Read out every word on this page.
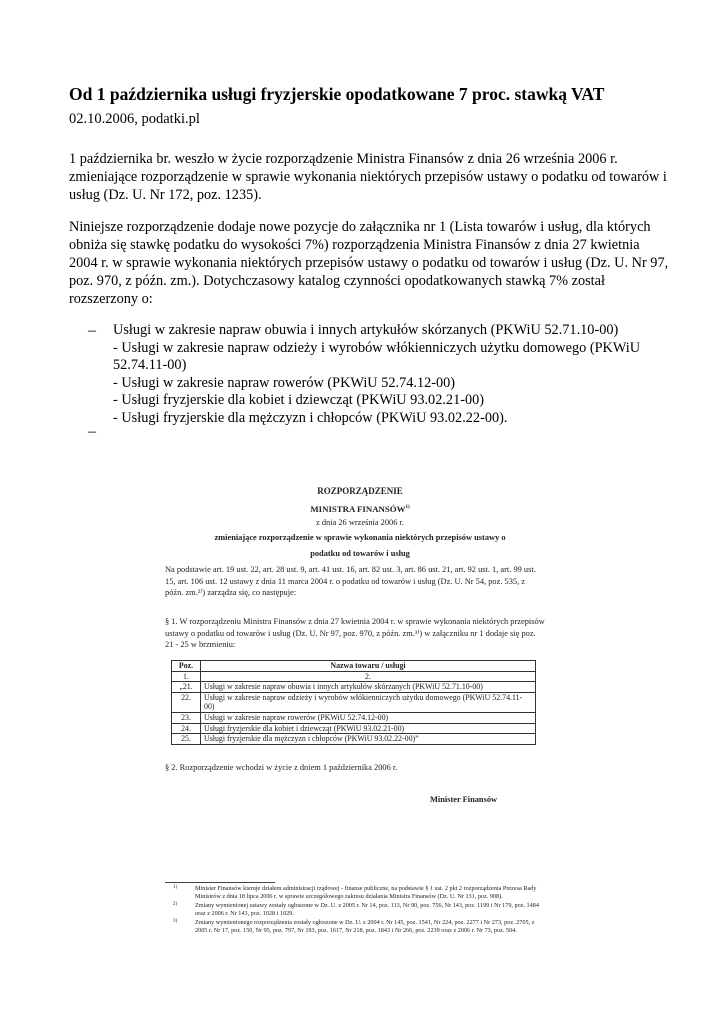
Od 1 października usługi fryzjerskie opodatkowane 7 proc. stawką VAT
02.10.2006, podatki.pl

1 października br. weszło w życie rozporządzenie Ministra Finansów z dnia 26 września 2006 r. zmieniające rozporządzenie w sprawie wykonania niektórych przepisów ustawy o podatku od towarów i usług (Dz. U. Nr 172, poz. 1235).

Niniejsze rozporządzenie dodaje nowe pozycje do załącznika nr 1 (Lista towarów i usług, dla których obniża się stawkę podatku do wysokości 7%) rozporządzenia Ministra Finansów z dnia 27 kwietnia 2004 r. w sprawie wykonania niektórych przepisów ustawy o podatku od towarów i usług (Dz. U. Nr 97, poz. 970, z późn. zm.). Dotychczasowy katalog czynności opodatkowanych stawką 7% został rozszerzony o:

– Usługi w zakresie napraw obuwia i innych artykułów skórzanych (PKWiU 52.71.10-00)
- Usługi w zakresie napraw odzieży i wyrobów włókienniczych użytku domowego (PKWiU 52.74.11-00)
- Usługi w zakresie napraw rowerów (PKWiU 52.74.12-00)
- Usługi fryzjerskie dla kobiet i dziewcząt (PKWiU 93.02.21-00)
- Usługi fryzjerskie dla mężczyzn i chłopców (PKWiU 93.02.22-00).
–
ROZPORZĄDZENIE
MINISTRA FINANSÓW$^{1)}$
z dnia 26 września 2006 r.
zmieniające rozporządzenie w sprawie wykonania niektórych przepisów ustawy o
podatku od towarów i usług
Na podstawie art. 19 ust. 22, art. 28 ust. 9, art. 41 ust. 16, art. 82 ust. 3, art. 86 ust. 21, art. 92 ust. 1, art. 99 ust. 15, art. 106 ust. 12 ustawy z dnia 11 marca 2004 r. o podatku od towarów i usług (Dz. U. Nr 54, poz. 535, z późn. zm.²⁾) zarządza się, co następuje:
§ 1. W rozporządzeniu Ministra Finansów z dnia 27 kwietnia 2004 r. w sprawie wykonania niektórych przepisów ustawy o podatku od towarów i usług (Dz. U. Nr 97, poz. 970, z późn. zm.³⁾) w załączniku nr 1 dodaje się poz. 21 - 25 w brzmieniu:
Poz.	Nazwa towaru / usługi
1.	2.
„21.	Usługi w zakresie napraw obuwia i innych artykułów skórzanych (PKWiU 52.71.10-00)
22.	Usługi w zakresie napraw odzieży i wyrobów włókienniczych użytku domowego (PKWiU 52.74.11-00)
23.	Usługi w zakresie napraw rowerów (PKWiU 52.74.12-00)
24.	Usługi fryzjerskie dla kobiet i dziewcząt (PKWiU 93.02.21-00)
25.	Usługi fryzjerskie dla mężczyzn i chłopców (PKWiU 93.02.22-00)”
§ 2. Rozporządzenie wchodzi w życie z dniem 1 października 2006 r.
Minister Finansów
1)	Minister Finansów kieruje działem administracji rządowej - finanse publiczne, na podstawie § 1 ust. 2 pkt 2 rozporządzenia Prezesa Rady Ministrów z dnia 18 lipca 2006 r. w sprawie szczegółowego zakresu działania Ministra Finansów (Dz. U. Nr 131, poz. 908).
2)	Zmiany wymienionej ustawy zostały ogłoszone w Dz. U. z 2005 r. Nr 14, poz. 113, Nr 90, poz. 756, Nr 143, poz. 1199 i Nr 179, poz. 1484 oraz z 2006 r. Nr 143, poz. 1028 i 1029.
3)	Zmiany wymienionego rozporządzenia zostały ogłoszone w Dz. U. z 2004 r. Nr 145, poz. 1541, Nr 224, poz. 2277 i Nr 273, poz. 2705, z 2005 r. Nr 17, poz. 150, Nr 95, poz. 797, Nr 193, poz. 1617, Nr 218, poz. 1843 i Nr 266, poz. 2239 oraz z 2006 r. Nr 73, poz. 504.
